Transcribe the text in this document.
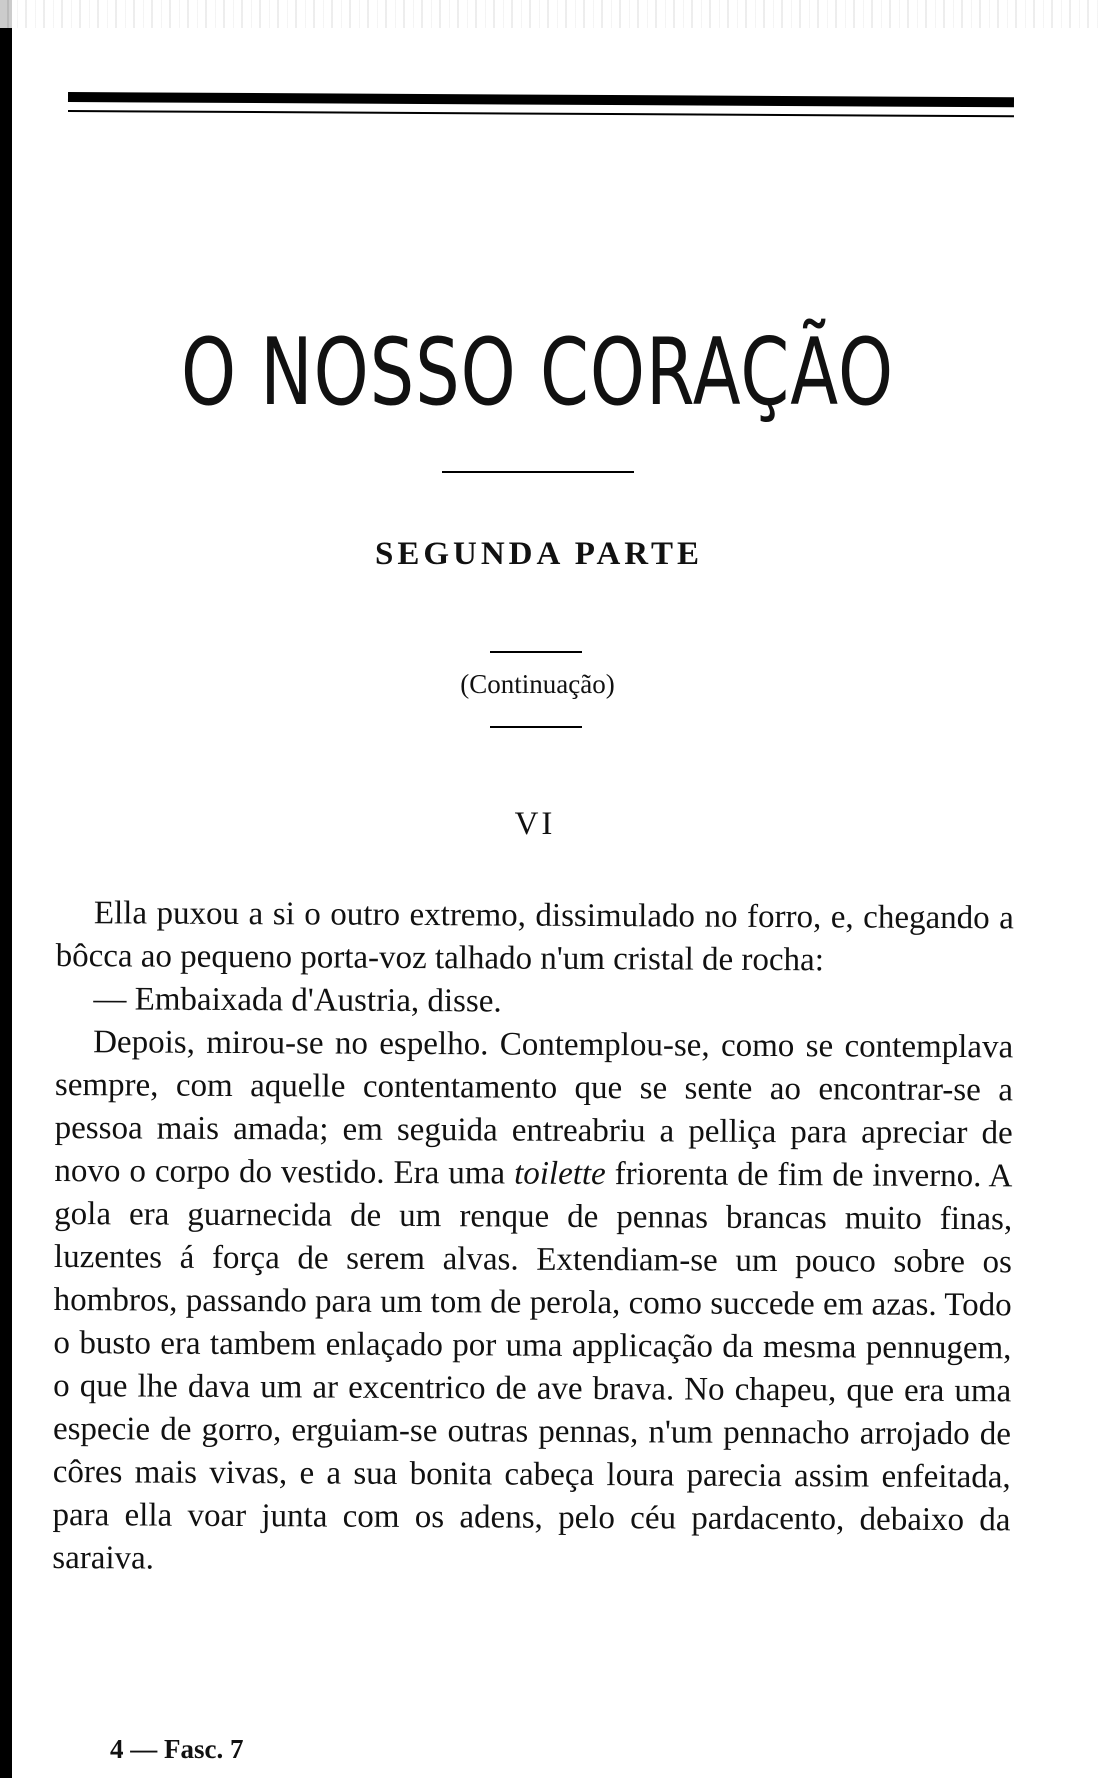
O NOSSO CORAÇÃO
SEGUNDA PARTE
(Continuação)
VI

Ella puxou a si o outro extremo, dissimulado no forro, e, chegando a bôcca ao pequeno porta-voz talhado n'um cristal de rocha:

— Embaixada d'Austria, disse.

Depois, mirou-se no espelho. Contemplou-se, como se contemplava sempre, com aquelle contentamento que se sente ao encontrar-se a pessoa mais amada; em seguida entreabriu a pelliça para apreciar de novo o corpo do vestido. Era uma toilette friorenta de fim de inverno. A gola era guarnecida de um renque de pennas brancas muito finas, luzentes á força de serem alvas. Extendiam-se um pouco sobre os hombros, passando para um tom de perola, como succede em azas. Todo o busto era tambem enlaçado por uma applicação da mesma pennugem, o que lhe dava um ar excentrico de ave brava. No chapeu, que era uma especie de gorro, erguiam-se outras pennas, n'um pennacho arrojado de côres mais vivas, e a sua bonita cabeça loura parecia assim enfeitada, para ella voar junta com os adens, pelo céu pardacento, debaixo da saraiva.

4 — Fasc. 7
